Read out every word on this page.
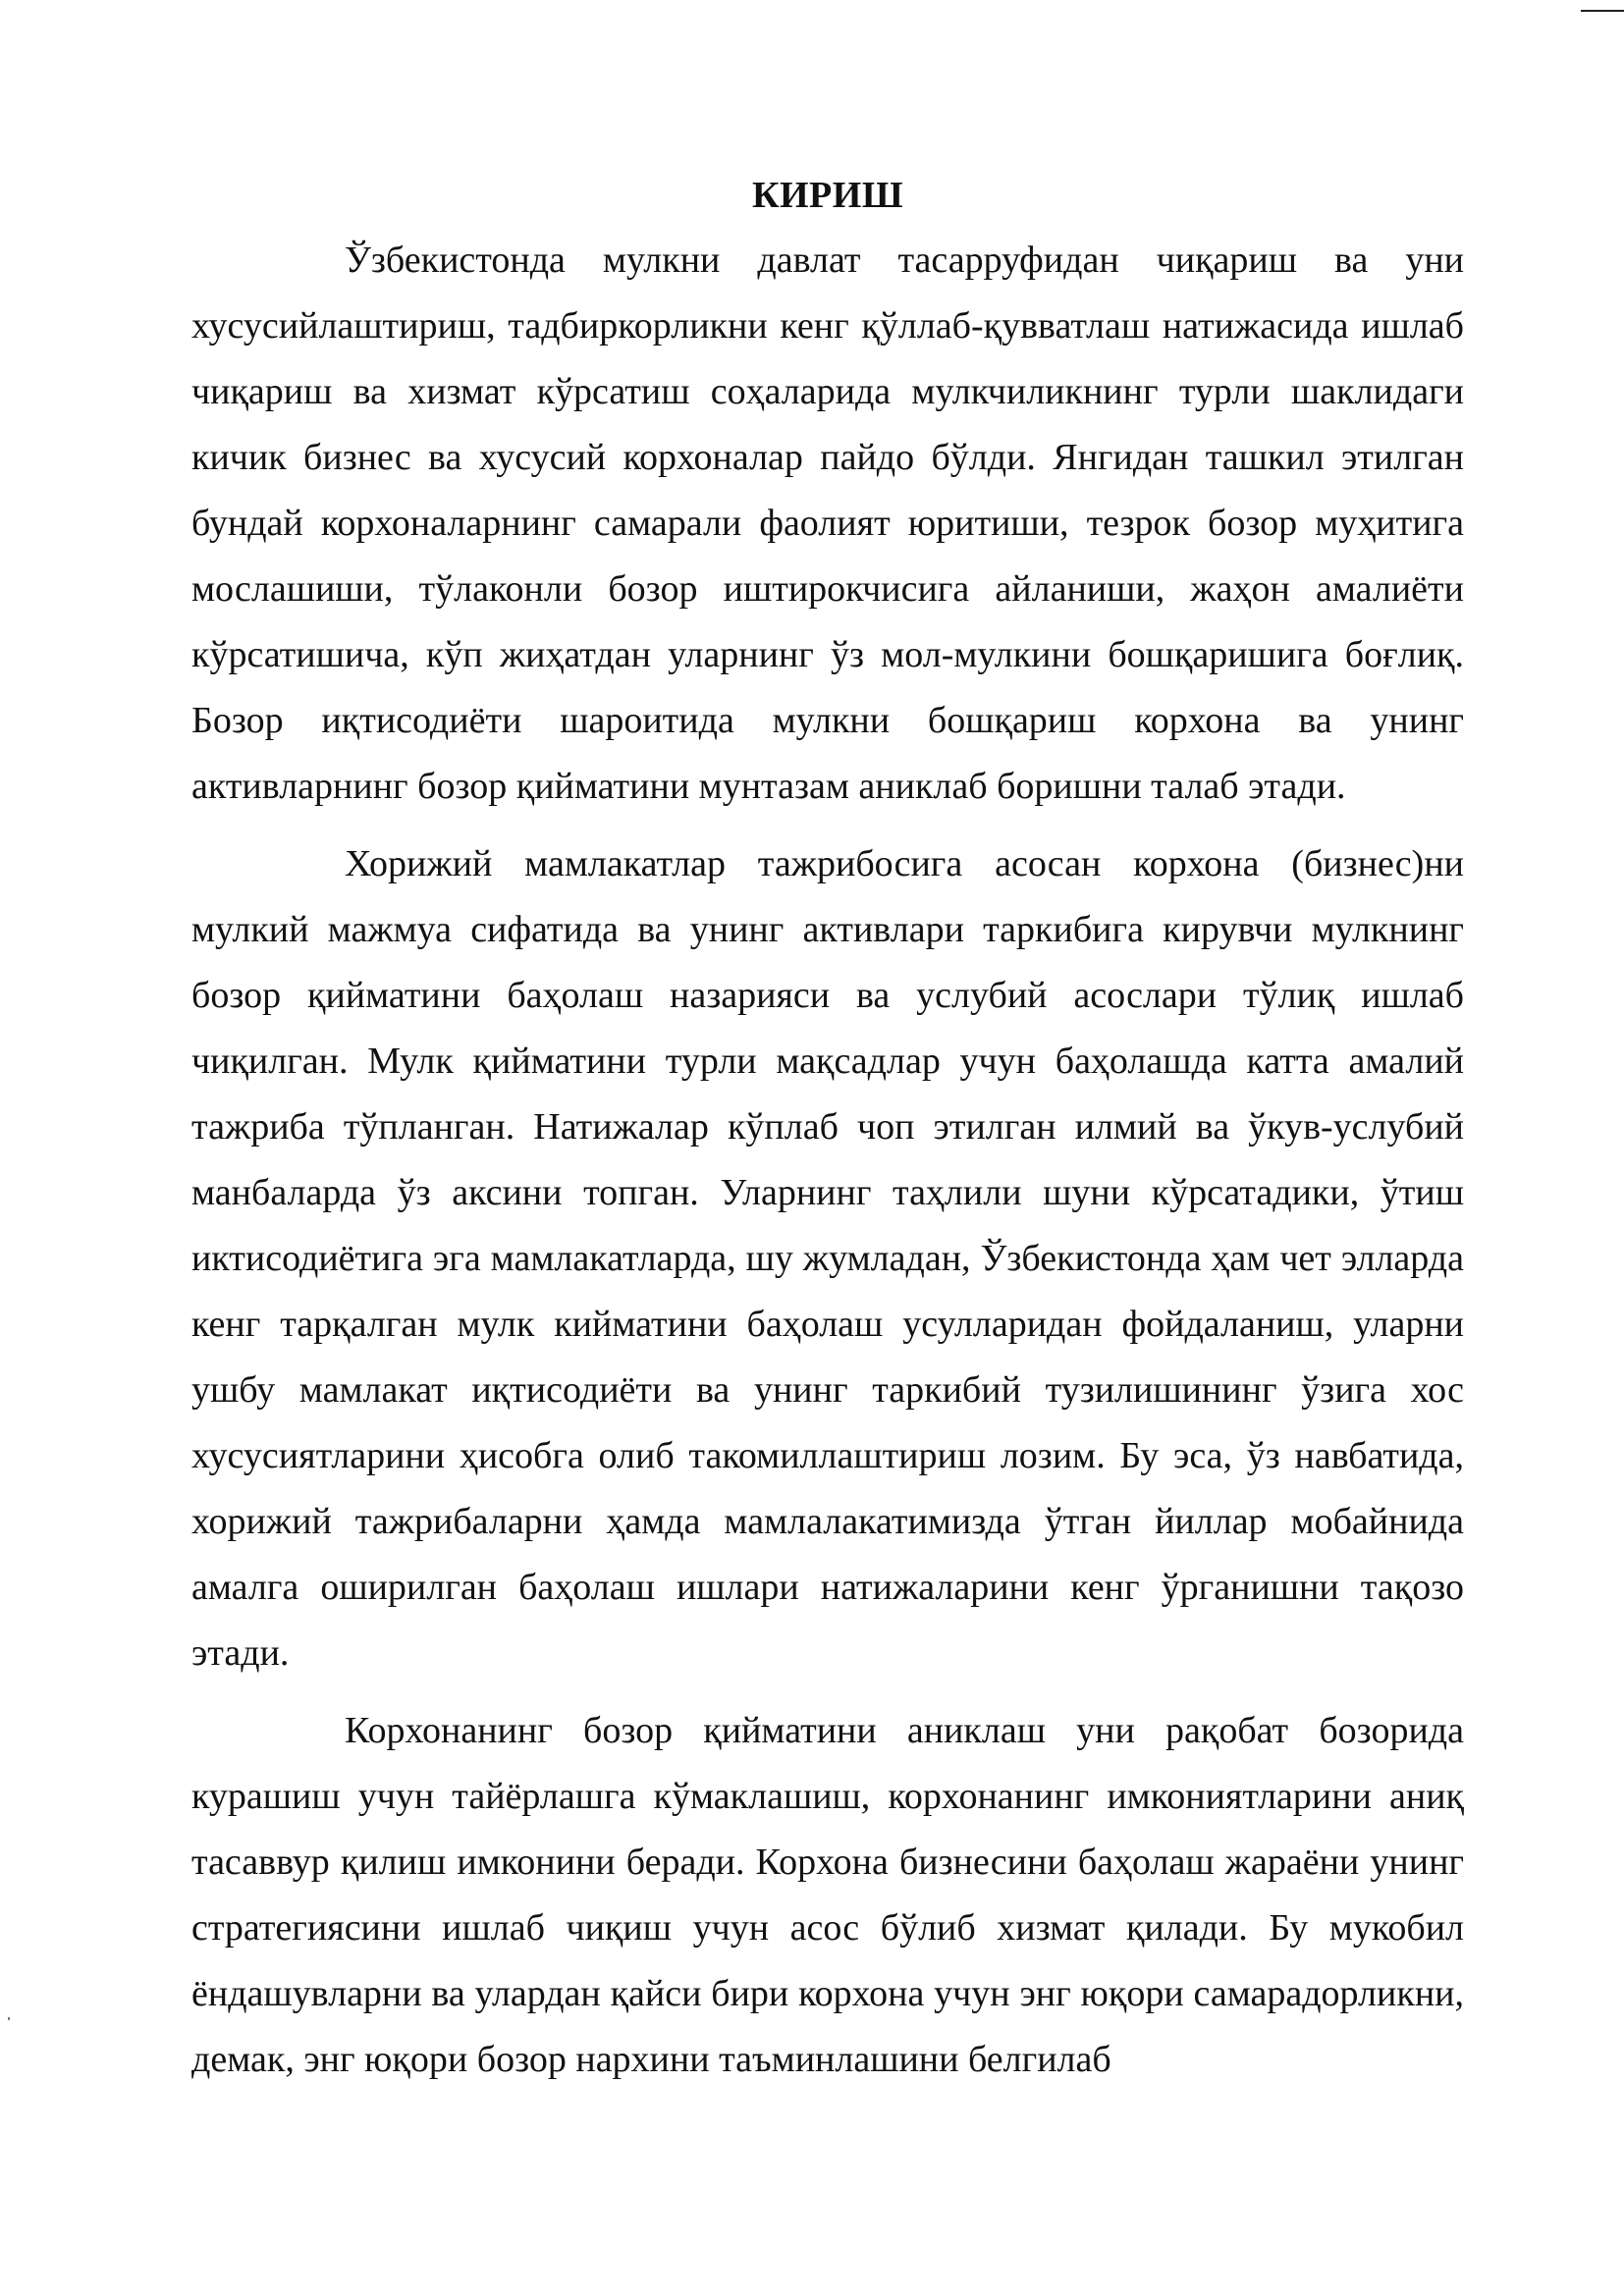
КИРИШ

Ўзбекистонда мулкни давлат тасарруфидан чиқариш ва уни хусусийлаштириш, тадбиркорликни кенг қўллаб-қувватлаш натижасида ишлаб чиқариш ва хизмат кўрсатиш соҳаларида мулкчиликнинг турли шаклидаги кичик бизнес ва хусусий корхоналар пайдо бўлди. Янгидан ташкил этилган бундай корхоналарнинг самарали фаолият юритиши, тезрок бозор муҳитига мослашиши, тўлаконли бозор иштирокчисига айланиши, жаҳон амалиёти кўрсатишича, кўп жиҳатдан уларнинг ўз мол-мулкини бошқаришига боғлиқ. Бозор иқтисодиёти шароитида мулкни бошқариш корхона ва унинг активларнинг бозор қийматини мунтазам аниклаб боришни талаб этади.

Хорижий мамлакатлар тажрибосига асосан корхона (бизнес)ни мулкий мажмуа сифатида ва унинг активлари таркибига кирувчи мулкнинг бозор қийматини баҳолаш назарияси ва услубий асослари тўлиқ ишлаб чиқилган. Мулк қийматини турли мақсадлар учун баҳолашда катта амалий тажриба тўпланган. Натижалар кўплаб чоп этилган илмий ва ўкув-услубий манбаларда ўз аксини топган. Уларнинг таҳлили шуни кўрсатадики, ўтиш иктисодиётига эга мамлакатларда, шу жумладан, Ўзбекистонда ҳам чет элларда кенг тарқалган мулк кийматини баҳолаш усулларидан фойдаланиш, уларни ушбу мамлакат иқтисодиёти ва унинг таркибий тузилишининг ўзига хос хусусиятларини ҳисобга олиб такомиллаштириш лозим. Бу эса, ўз навбатида, хорижий тажрибаларни ҳамда мамлалакатимизда ўтган йиллар мобайнида амалга оширилган баҳолаш ишлари натижаларини кенг ўрганишни тақозо этади.

Корхонанинг бозор қийматини аниклаш уни рақобат бозорида курашиш учун тайёрлашга кўмаклашиш, корхонанинг имкониятларини аниқ тасаввур қилиш имконини беради. Корхона бизнесини баҳолаш жараёни унинг стратегиясини ишлаб чиқиш учун асос бўлиб хизмат қилади. Бу мукобил ёндашувларни ва улардан қайси бири корхона учун энг юқори самарадорликни, демак, энг юқори бозор нархини таъминлашини белгилаб
